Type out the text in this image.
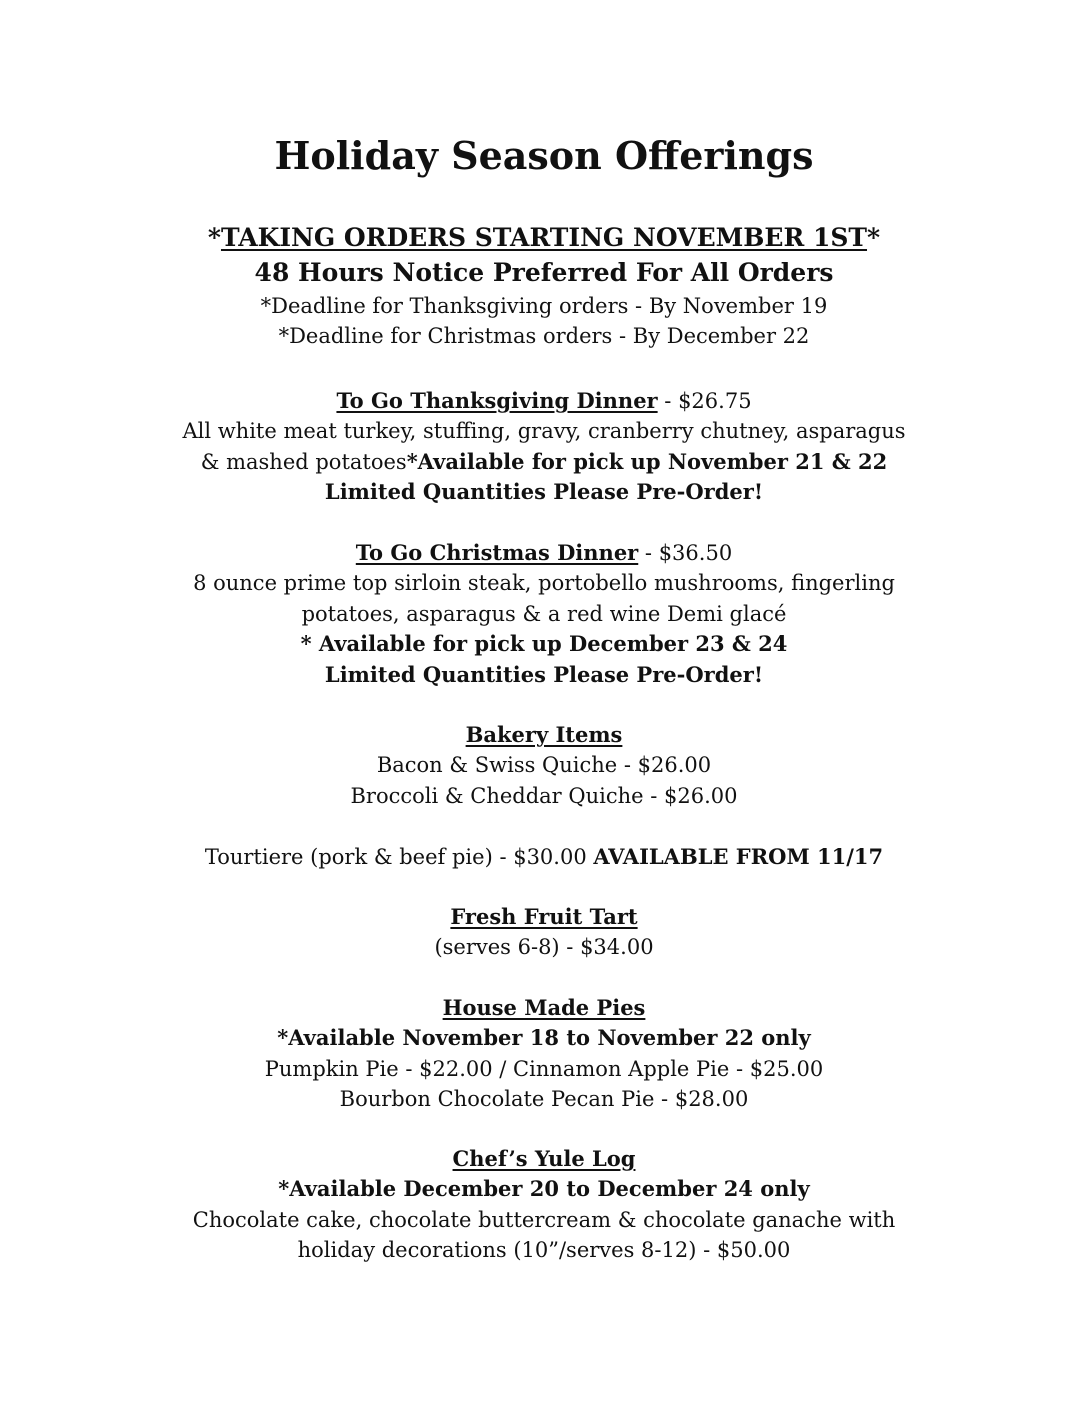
Holiday Season Offerings
*TAKING ORDERS STARTING NOVEMBER 1ST*
48 Hours Notice Preferred For All Orders
*Deadline for Thanksgiving orders - By November 19
*Deadline for Christmas orders - By December 22
To Go Thanksgiving Dinner - $26.75
All white meat turkey, stuffing, gravy, cranberry chutney, asparagus
& mashed potatoes*Available for pick up November 21 & 22
Limited Quantities Please Pre-Order!
To Go Christmas Dinner - $36.50
8 ounce prime top sirloin steak, portobello mushrooms, fingerling
potatoes, asparagus & a red wine Demi glacé
* Available for pick up December 23 & 24
Limited Quantities Please Pre-Order!
Bakery Items
Bacon & Swiss Quiche - $26.00
Broccoli & Cheddar Quiche - $26.00
Tourtiere (pork & beef pie) - $30.00 AVAILABLE FROM 11/17
Fresh Fruit Tart
(serves 6-8) - $34.00
House Made Pies
*Available November 18 to November 22 only
Pumpkin Pie - $22.00 / Cinnamon Apple Pie - $25.00
Bourbon Chocolate Pecan Pie - $28.00
Chef’s Yule Log
*Available December 20 to December 24 only
Chocolate cake, chocolate buttercream & chocolate ganache with
holiday decorations (10”/serves 8-12) - $50.00
